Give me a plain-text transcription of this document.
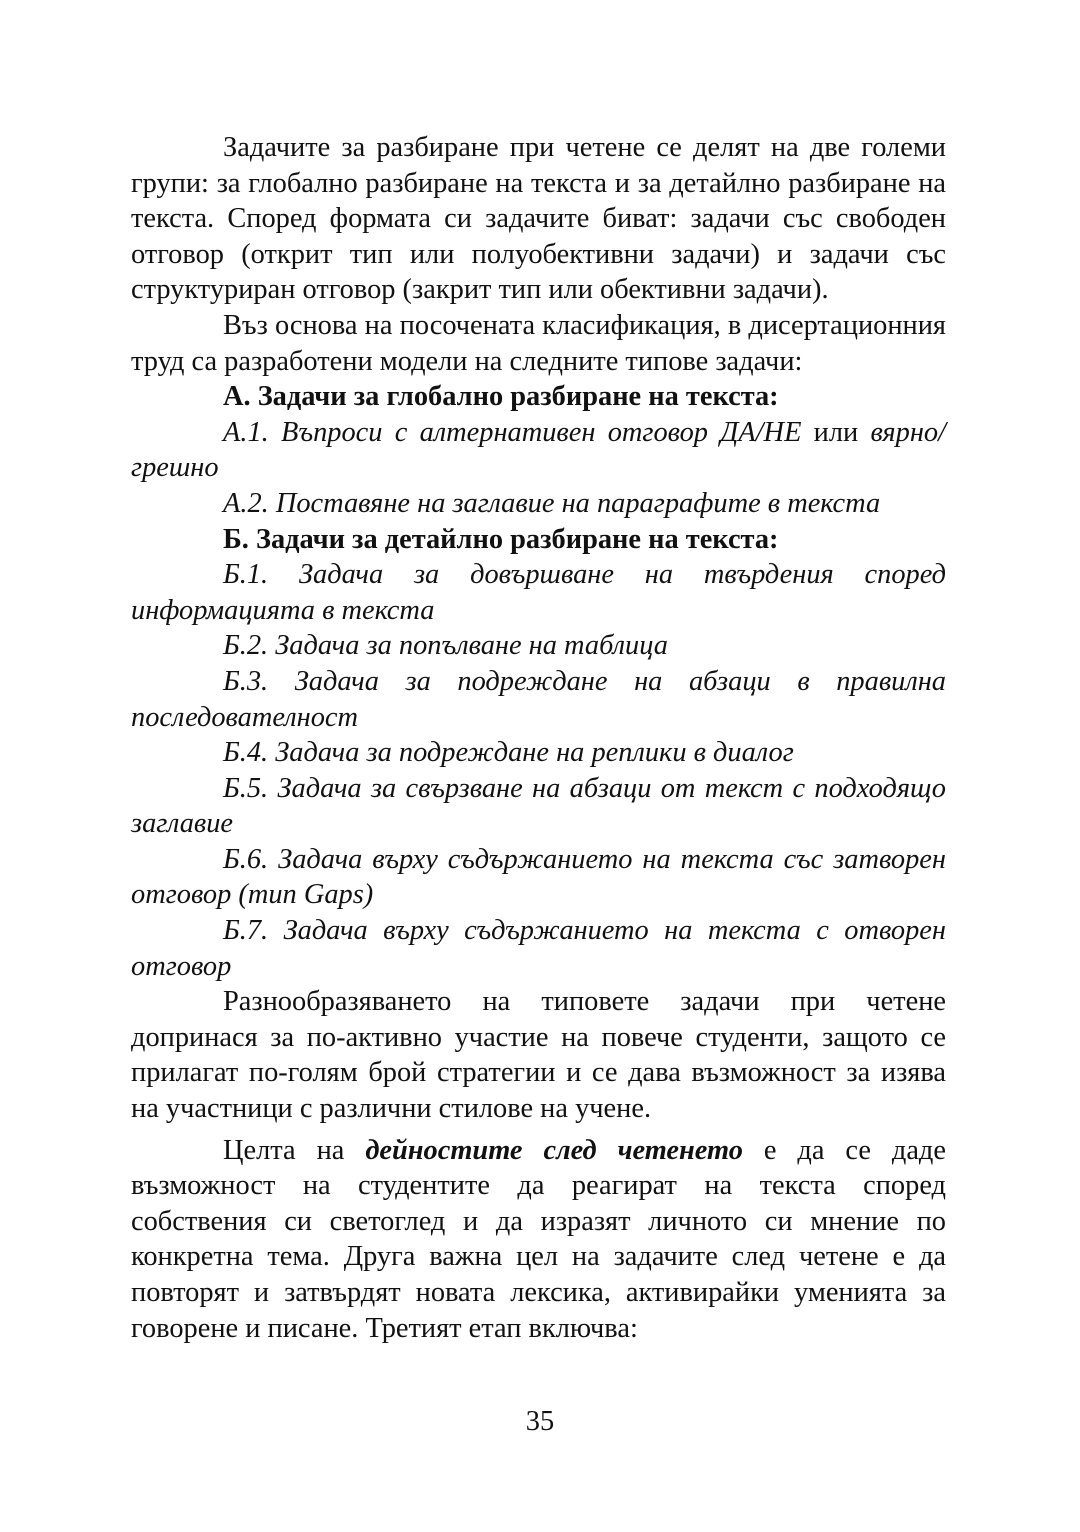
Задачите за разбиране при четене се делят на две големи групи: за глобално разбиране на текста и за детайлно разбиране на текста. Според формата си задачите биват: задачи със свободен отговор (открит тип или полуобективни задачи) и задачи със структуриран отговор (закрит тип или обективни задачи).

Въз основа на посочената класификация, в дисертационния труд са разработени модели на следните типове задачи:

А. Задачи за глобално разбиране на текста:

А.1. Въпроси с алтернативен отговор ДА/НЕ или вярно/грешно

А.2. Поставяне на заглавие на параграфите в текста

Б. Задачи за детайлно разбиране на текста:

Б.1. Задача за довършване на твърдения според информацията в текста

Б.2. Задача за попълване на таблица

Б.3. Задача за подреждане на абзаци в правилна последователност

Б.4. Задача за подреждане на реплики в диалог

Б.5. Задача за свързване на абзаци от текст с подходящо заглавие

Б.6. Задача върху съдържанието на текста със затворен отговор (тип Gaps)

Б.7. Задача върху съдържанието на текста с отворен отговор

Разнообразяването на типовете задачи при четене допринася за по-активно участие на повече студенти, защото се прилагат по-голям брой стратегии и се дава възможност за изява на участници с различни стилове на учене.

Целта на дейностите след четенето е да се даде възможност на студентите да реагират на текста според собствения си светоглед и да изразят личното си мнение по конкретна тема. Друга важна цел на задачите след четене е да повторят и затвърдят новата лексика, активирайки уменията за говорене и писане. Третият етап включва:

35
